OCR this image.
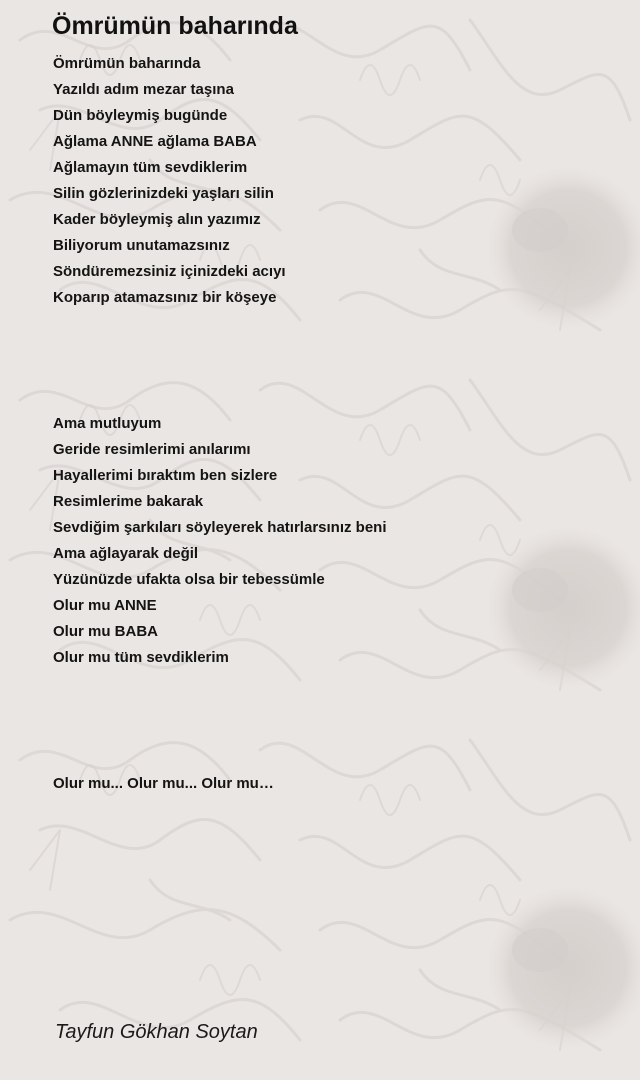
Ömrümün baharında
Ömrümün baharında
Yazıldı adım mezar taşına
Dün böyleymiş bugünde
Ağlama ANNE ağlama BABA
Ağlamayın tüm sevdiklerim
Silin gözlerinizdeki yaşları silin
Kader böyleymiş alın yazımız
Biliyorum unutamazsınız
Söndüremezsiniz içinizdeki acıyı
Koparıp atamazsınız bir köşeye
Ama mutluyum
Geride resimlerimi anılarımı
Hayallerimi bıraktım ben sizlere
Resimlerime bakarak
Sevdiğim şarkıları söyleyerek hatırlarsınız beni
Ama ağlayarak değil
Yüzünüzde ufakta olsa bir tebessümle
Olur mu ANNE
Olur mu BABA
Olur mu tüm sevdiklerim
Olur mu... Olur mu... Olur mu…
Tayfun Gökhan Soytan
